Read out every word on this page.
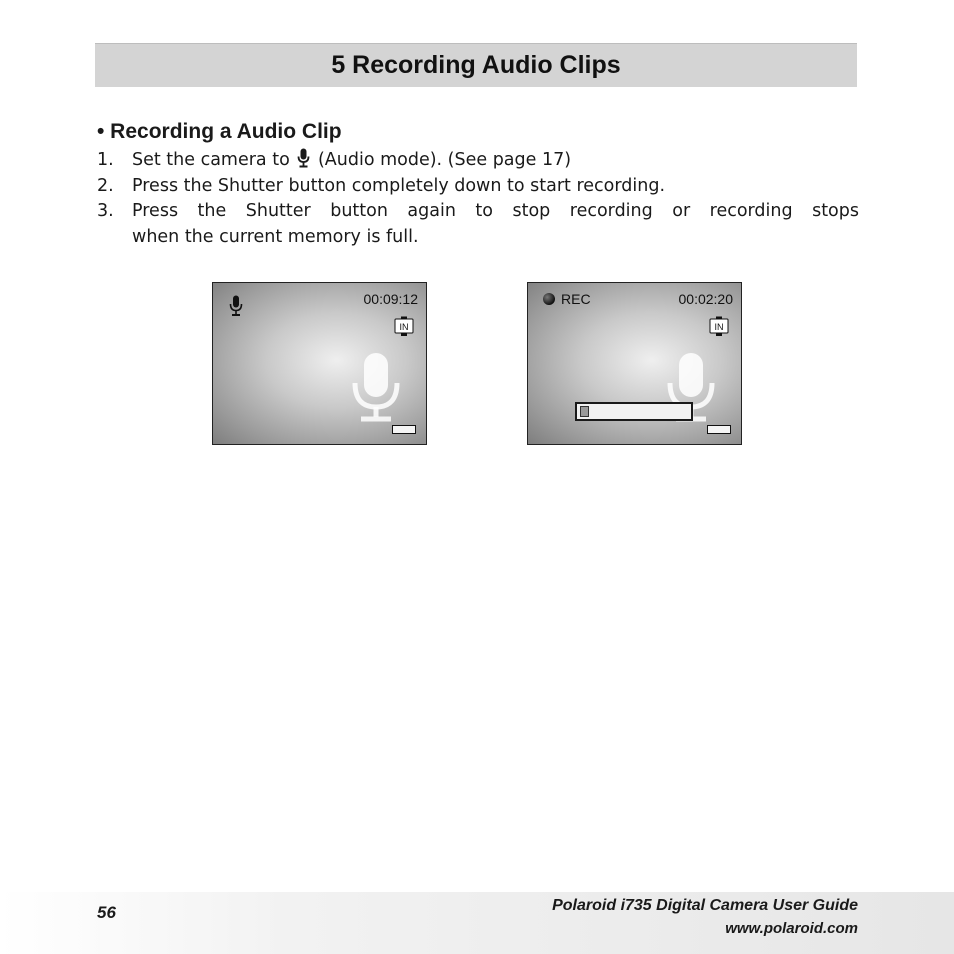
5 Recording Audio Clips
• Recording a Audio Clip
1.	Set the camera to (Audio mode). (See page 17)
2.	Press the Shutter button completely down to start recording.
3.	Press the Shutter button again to stop recording or recording stops
when the current memory is full.
00:09:12
IN
REC	00:02:20
IN
56	Polaroid i735 Digital Camera User Guide
www.polaroid.com
